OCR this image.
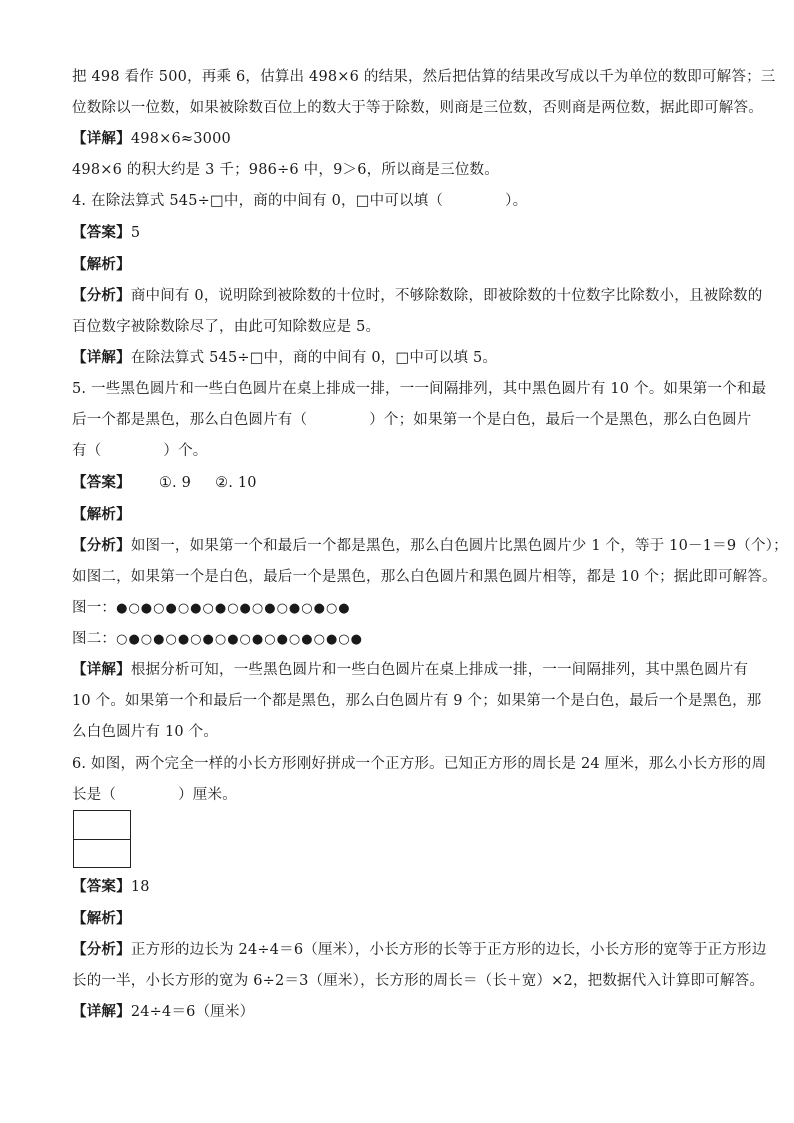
把 498 看作 500，再乘 6，估算出 498×6 的结果，然后把估算的结果改写成以千为单位的数即可解答；三
位数除以一位数，如果被除数百位上的数大于等于除数，则商是三位数，否则商是两位数，据此即可解答。
【详解】498×6≈3000
498×6 的积大约是 3 千；986÷6 中，9＞6，所以商是三位数。
4. 在除法算式 545÷□中，商的中间有 0，□中可以填（	）。
【答案】5
【解析】
【分析】商中间有 0，说明除到被除数的十位时，不够除数除，即被除数的十位数字比除数小，且被除数的
百位数字被除数除尽了，由此可知除数应是 5。
【详解】在除法算式 545÷□中，商的中间有 0，□中可以填 5。
5. 一些黑色圆片和一些白色圆片在桌上排成一排，一一间隔排列，其中黑色圆片有 10 个。如果第一个和最
后一个都是黑色，那么白色圆片有（	）个；如果第一个是白色，最后一个是黑色，那么白色圆片
有（	）个。
【答案】 ①. 9 ②. 10
【解析】
【分析】如图一，如果第一个和最后一个都是黑色，那么白色圆片比黑色圆片少 1 个，等于 10－1＝9（个）；
如图二，如果第一个是白色，最后一个是黑色，那么白色圆片和黑色圆片相等，都是 10 个；据此即可解答。
图一：●○●○●○●○●○●○●○●○●○●
图二：○●○●○●○●○●○●○●○●○●○●
【详解】根据分析可知，一些黑色圆片和一些白色圆片在桌上排成一排，一一间隔排列，其中黑色圆片有
10 个。如果第一个和最后一个都是黑色，那么白色圆片有 9 个；如果第一个是白色，最后一个是黑色，那
么白色圆片有 10 个。
6. 如图，两个完全一样的小长方形刚好拼成一个正方形。已知正方形的周长是 24 厘米，那么小长方形的周
长是（	）厘米。
【答案】18
【解析】
【分析】正方形的边长为 24÷4＝6（厘米），小长方形的长等于正方形的边长，小长方形的宽等于正方形边
长的一半，小长方形的宽为 6÷2＝3（厘米），长方形的周长＝（长＋宽）×2，把数据代入计算即可解答。
【详解】24÷4＝6（厘米）
